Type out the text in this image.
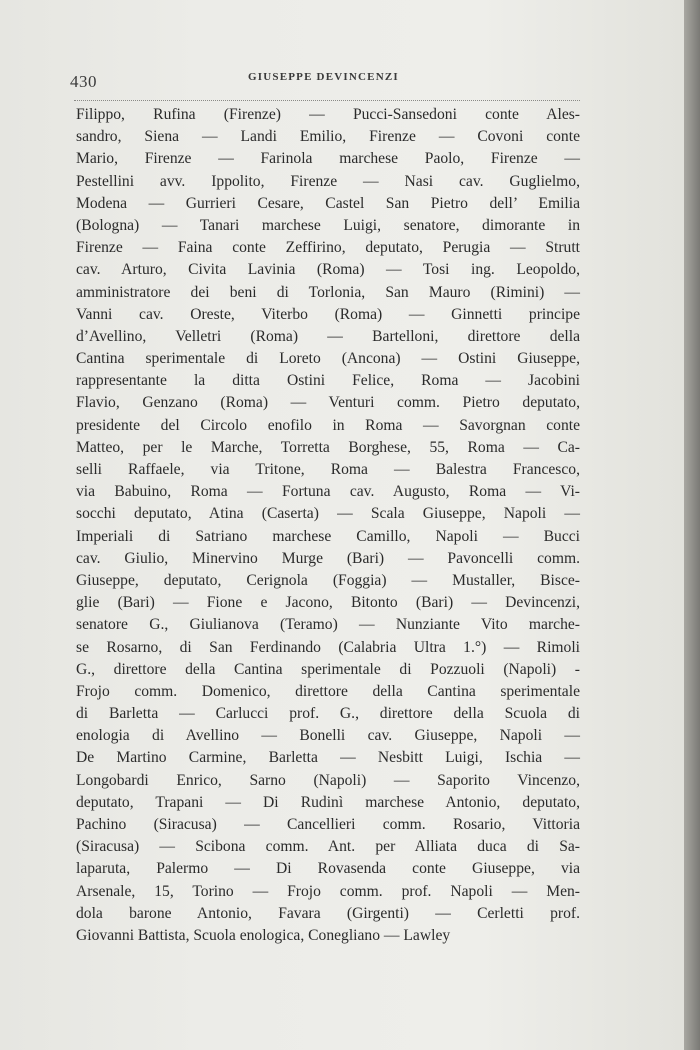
430	GIUSEPPE DEVINCENZI
Filippo, Rufina (Firenze) — Pucci-Sansedoni conte Ales-
sandro, Siena — Landi Emilio, Firenze — Covoni conte
Mario, Firenze — Farinola marchese Paolo, Firenze —
Pestellini avv. Ippolito, Firenze — Nasi cav. Guglielmo,
Modena — Gurrieri Cesare, Castel San Pietro dell’ Emilia
(Bologna) — Tanari marchese Luigi, senatore, dimorante in
Firenze — Faina conte Zeffirino, deputato, Perugia — Strutt
cav. Arturo, Civita Lavinia (Roma) — Tosi ing. Leopoldo,
amministratore dei beni di Torlonia, San Mauro (Rimini) —
Vanni cav. Oreste, Viterbo (Roma) — Ginnetti principe
d’Avellino, Velletri (Roma) — Bartelloni, direttore della
Cantina sperimentale di Loreto (Ancona) — Ostini Giuseppe,
rappresentante la ditta Ostini Felice, Roma — Jacobini
Flavio, Genzano (Roma) — Venturi comm. Pietro deputato,
presidente del Circolo enofilo in Roma — Savorgnan conte
Matteo, per le Marche, Torretta Borghese, 55, Roma — Ca-
selli Raffaele, via Tritone, Roma — Balestra Francesco,
via Babuino, Roma — Fortuna cav. Augusto, Roma — Vi-
socchi deputato, Atina (Caserta) — Scala Giuseppe, Napoli —
Imperiali di Satriano marchese Camillo, Napoli — Bucci
cav. Giulio, Minervino Murge (Bari) — Pavoncelli comm.
Giuseppe, deputato, Cerignola (Foggia) — Mustaller, Bisce-
glie (Bari) — Fione e Jacono, Bitonto (Bari) — Devincenzi,
senatore G., Giulianova (Teramo) — Nunziante Vito marche-
se Rosarno, di San Ferdinando (Calabria Ultra 1.°) — Rimoli
G., direttore della Cantina sperimentale di Pozzuoli (Napoli) -
Frojo comm. Domenico, direttore della Cantina sperimentale
di Barletta — Carlucci prof. G., direttore della Scuola di
enologia di Avellino — Bonelli cav. Giuseppe, Napoli —
De Martino Carmine, Barletta — Nesbitt Luigi, Ischia —
Longobardi Enrico, Sarno (Napoli) — Saporito Vincenzo,
deputato, Trapani — Di Rudinì marchese Antonio, deputato,
Pachino (Siracusa) — Cancellieri comm. Rosario, Vittoria
(Siracusa) — Scibona comm. Ant. per Alliata duca di Sa-
laparuta, Palermo — Di Rovasenda conte Giuseppe, via
Arsenale, 15, Torino — Frojo comm. prof. Napoli — Men-
dola barone Antonio, Favara (Girgenti) — Cerletti prof.
Giovanni Battista, Scuola enologica, Conegliano — Lawley
